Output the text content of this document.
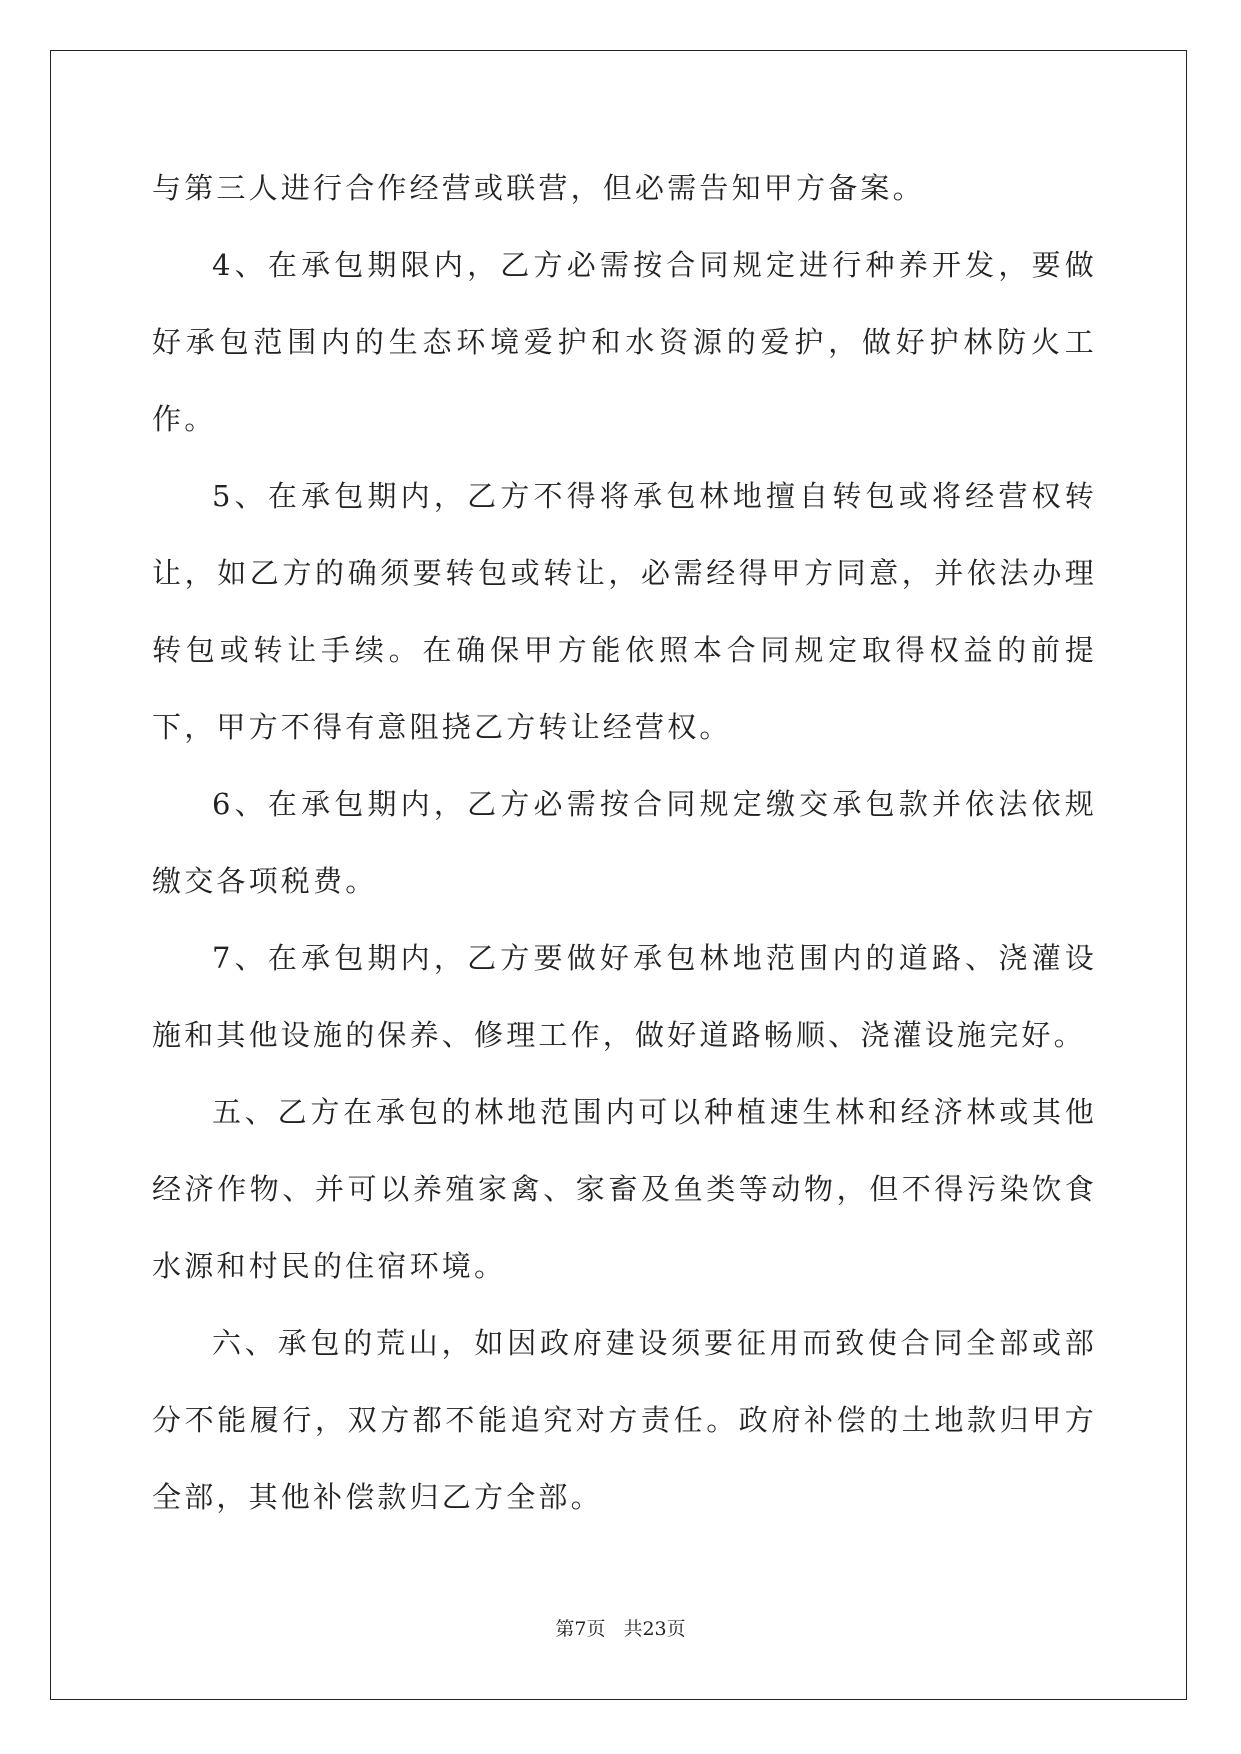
与第三人进行合作经营或联营，但必需告知甲方备案。

4、在承包期限内，乙方必需按合同规定进行种养开发，要做好承包范围内的生态环境爱护和水资源的爱护，做好护林防火工作。

5、在承包期内，乙方不得将承包林地擅自转包或将经营权转让，如乙方的确须要转包或转让，必需经得甲方同意，并依法办理转包或转让手续。在确保甲方能依照本合同规定取得权益的前提下，甲方不得有意阻挠乙方转让经营权。

6、在承包期内，乙方必需按合同规定缴交承包款并依法依规缴交各项税费。

7、在承包期内，乙方要做好承包林地范围内的道路、浇灌设施和其他设施的保养、修理工作，做好道路畅顺、浇灌设施完好。

五、乙方在承包的林地范围内可以种植速生林和经济林或其他经济作物、并可以养殖家禽、家畜及鱼类等动物，但不得污染饮食水源和村民的住宿环境。

六、承包的荒山，如因政府建设须要征用而致使合同全部或部分不能履行，双方都不能追究对方责任。政府补偿的土地款归甲方全部，其他补偿款归乙方全部。

第7页 共23页
